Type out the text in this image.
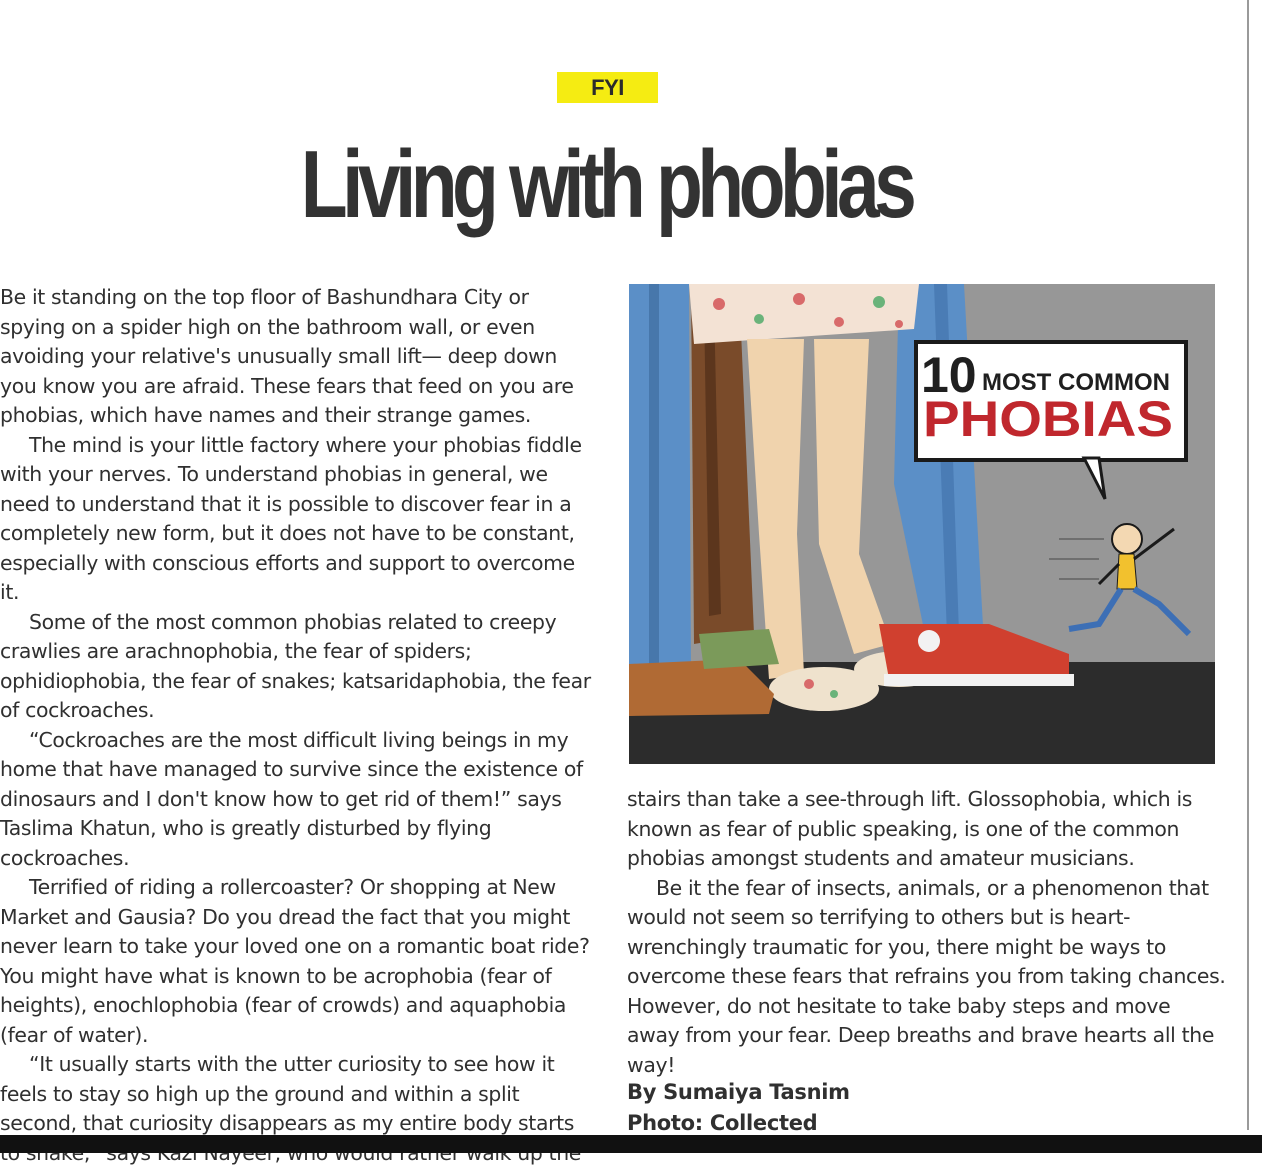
FYI
Living with phobias

Be it standing on the top floor of Bashundhara City or spying on a spider high on the bathroom wall, or even avoiding your relative's unusually small lift— deep down you know you are afraid. These fears that feed on you are phobias, which have names and their strange games.

The mind is your little factory where your phobias fiddle with your nerves. To understand phobias in general, we need to understand that it is possible to discover fear in a completely new form, but it does not have to be constant, especially with conscious efforts and support to overcome it.

Some of the most common phobias related to creepy crawlies are arachnophobia, the fear of spiders; ophidiophobia, the fear of snakes; katsaridaphobia, the fear of cockroaches.

“Cockroaches are the most difficult living beings in my home that have managed to survive since the existence of dinosaurs and I don't know how to get rid of them!” says Taslima Khatun, who is greatly disturbed by flying cockroaches.

Terrified of riding a rollercoaster? Or shopping at New Market and Gausia? Do you dread the fact that you might never learn to take your loved one on a romantic boat ride? You might have what is known to be acrophobia (fear of heights), enochlophobia (fear of crowds) and aquaphobia (fear of water).

“It usually starts with the utter curiosity to see how it feels to stay so high up the ground and within a split second, that curiosity disappears as my entire body starts

10 MOST COMMON
PHOBIAS

stairs than take a see-through lift. Glossophobia, which is known as fear of public speaking, is one of the common phobias amongst students and amateur musicians.

Be it the fear of insects, animals, or a phenomenon that would not seem so terrifying to others but is heart-wrenchingly traumatic for you, there might be ways to overcome these fears that refrains you from taking chances. However, do not hesitate to take baby steps and move away from your fear. Deep breaths and brave hearts all the way!

By Sumaiya Tasnim
Photo: Collected
